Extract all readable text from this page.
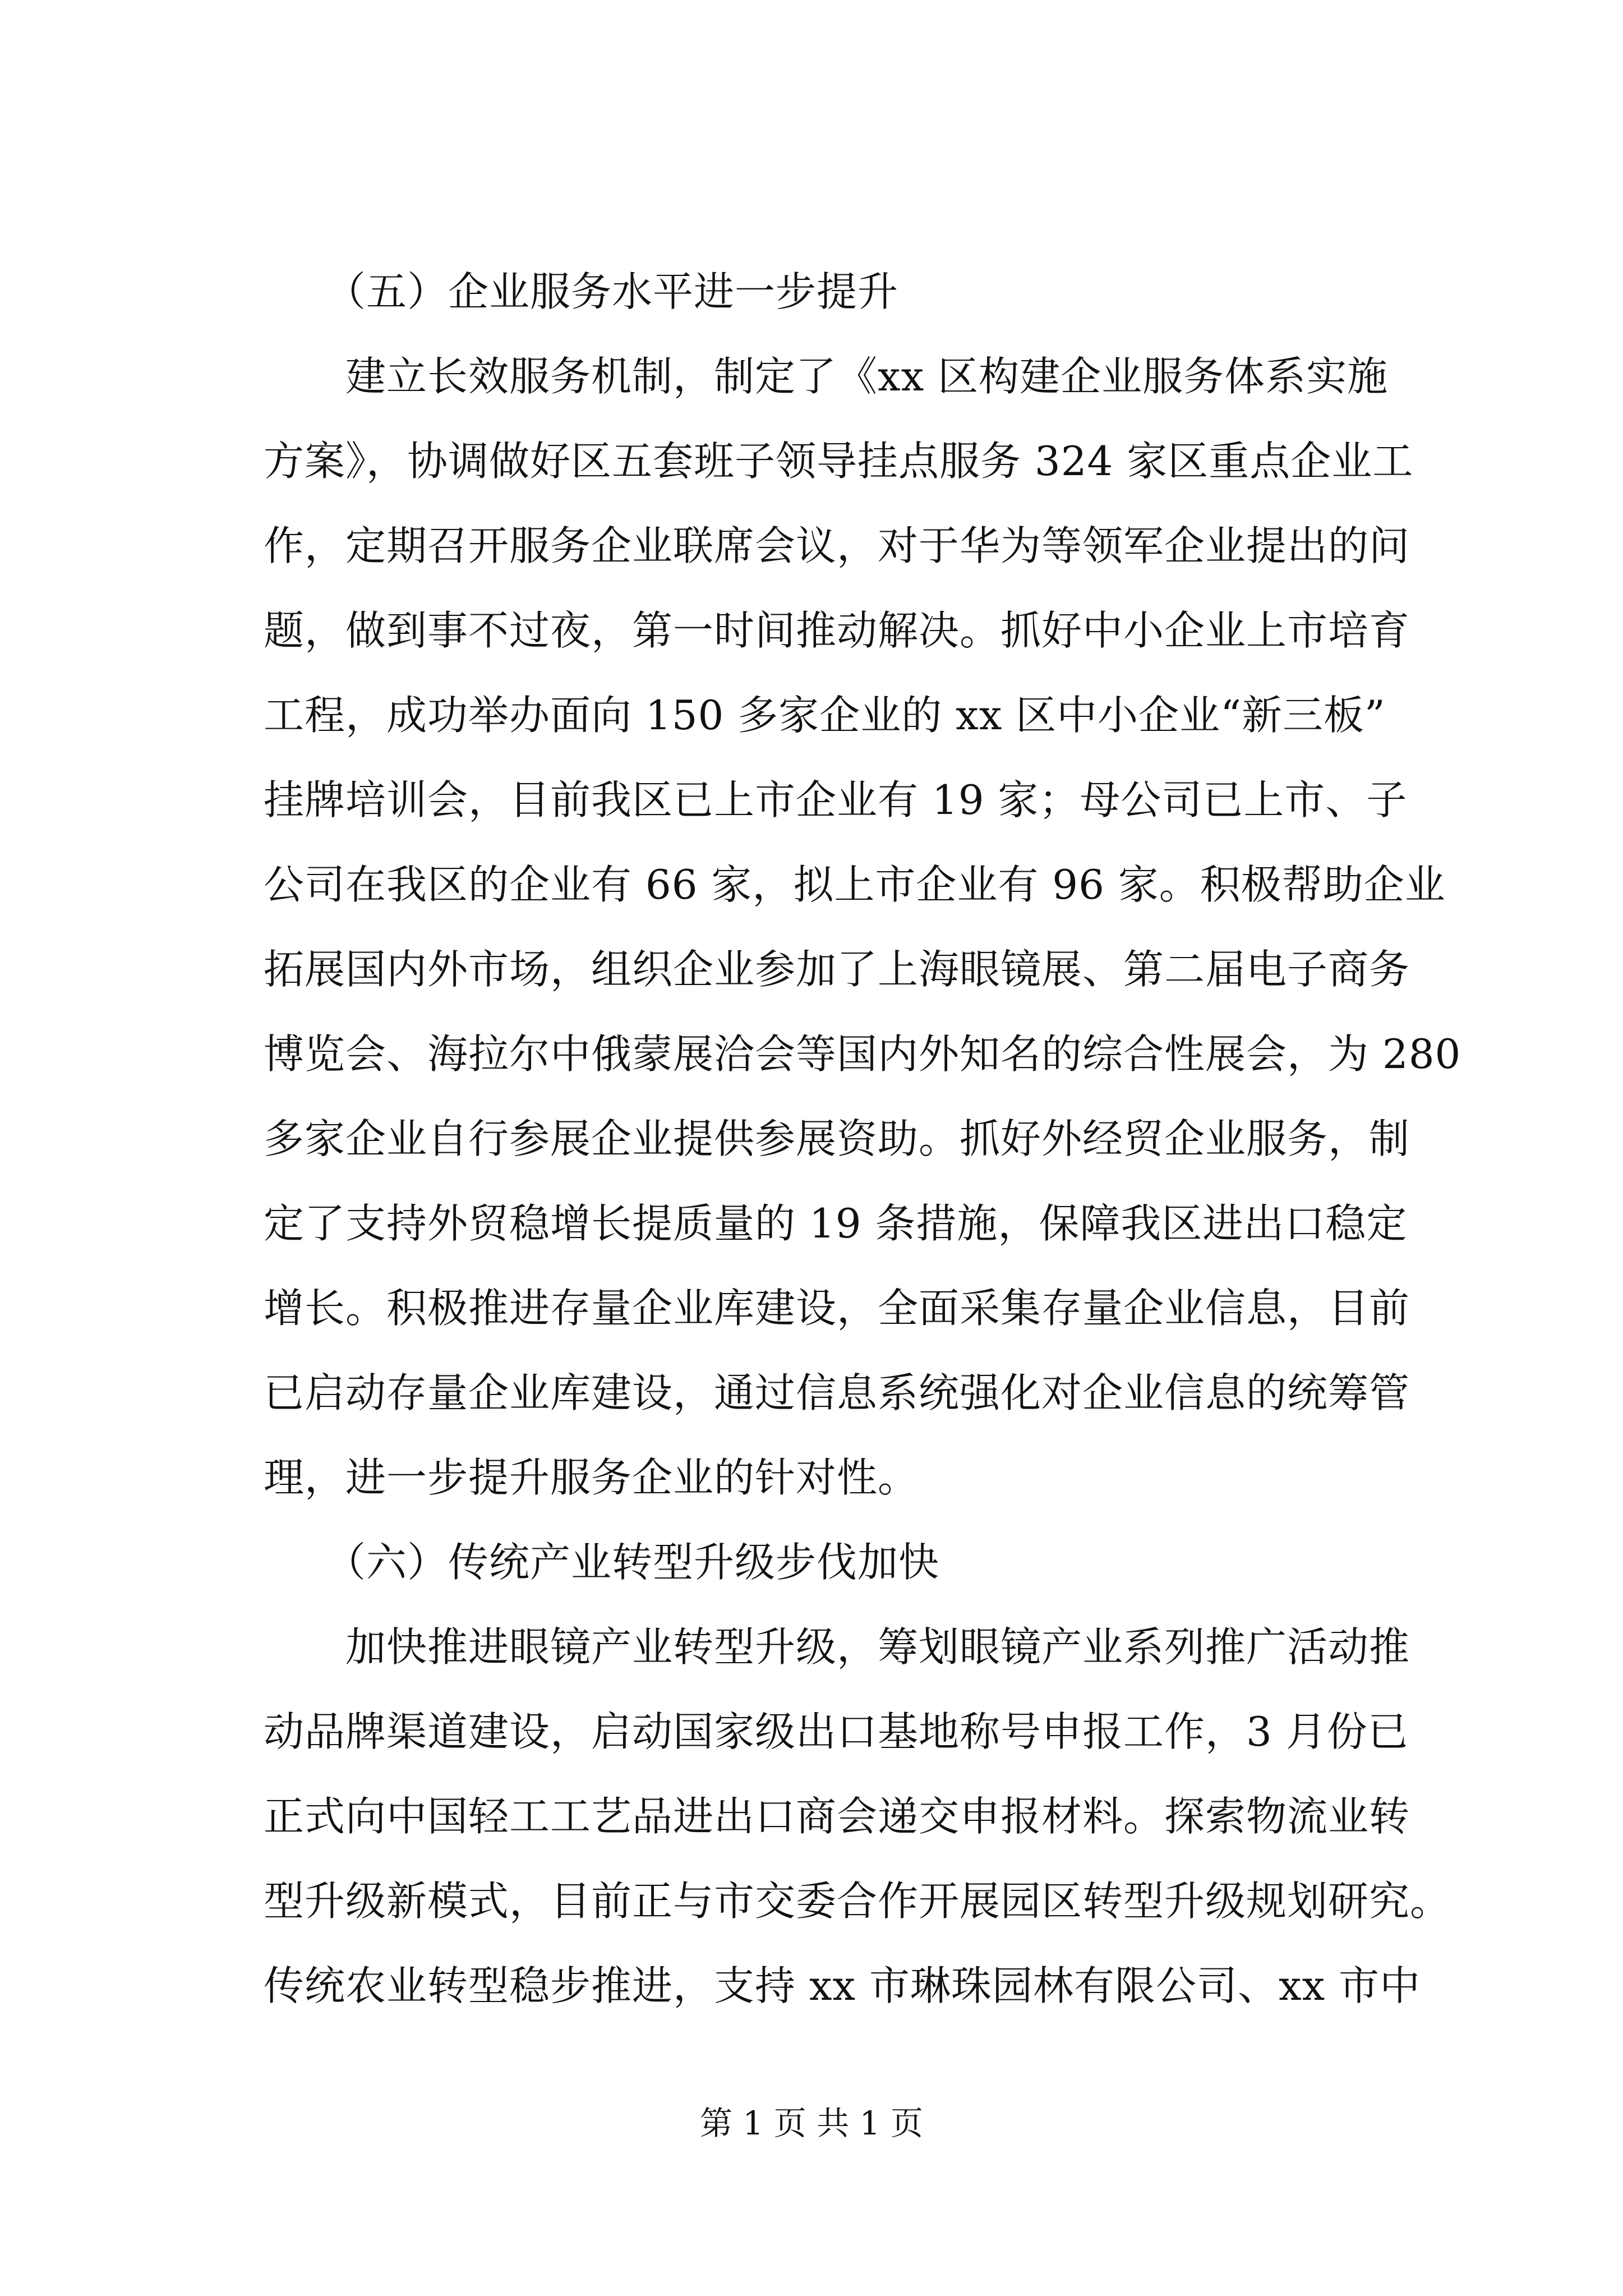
　　（五）企业服务水平进一步提升
　　建立长效服务机制，制定了《xx 区构建企业服务体系实施
方案》，协调做好区五套班子领导挂点服务 324 家区重点企业工
作，定期召开服务企业联席会议，对于华为等领军企业提出的问
题，做到事不过夜，第一时间推动解决。抓好中小企业上市培育
工程，成功举办面向 150 多家企业的 xx 区中小企业“新三板”
挂牌培训会，目前我区已上市企业有 19 家；母公司已上市、子
公司在我区的企业有 66 家，拟上市企业有 96 家。积极帮助企业
拓展国内外市场，组织企业参加了上海眼镜展、第二届电子商务
博览会、海拉尔中俄蒙展洽会等国内外知名的综合性展会，为 280
多家企业自行参展企业提供参展资助。抓好外经贸企业服务，制
定了支持外贸稳增长提质量的 19 条措施，保障我区进出口稳定
增长。积极推进存量企业库建设，全面采集存量企业信息，目前
已启动存量企业库建设，通过信息系统强化对企业信息的统筹管
理，进一步提升服务企业的针对性。
　　（六）传统产业转型升级步伐加快
　　加快推进眼镜产业转型升级，筹划眼镜产业系列推广活动推
动品牌渠道建设，启动国家级出口基地称号申报工作，3 月份已
正式向中国轻工工艺品进出口商会递交申报材料。探索物流业转
型升级新模式，目前正与市交委合作开展园区转型升级规划研究。
传统农业转型稳步推进，支持 xx 市琳珠园林有限公司、xx 市中
第 1 页 共 1 页
